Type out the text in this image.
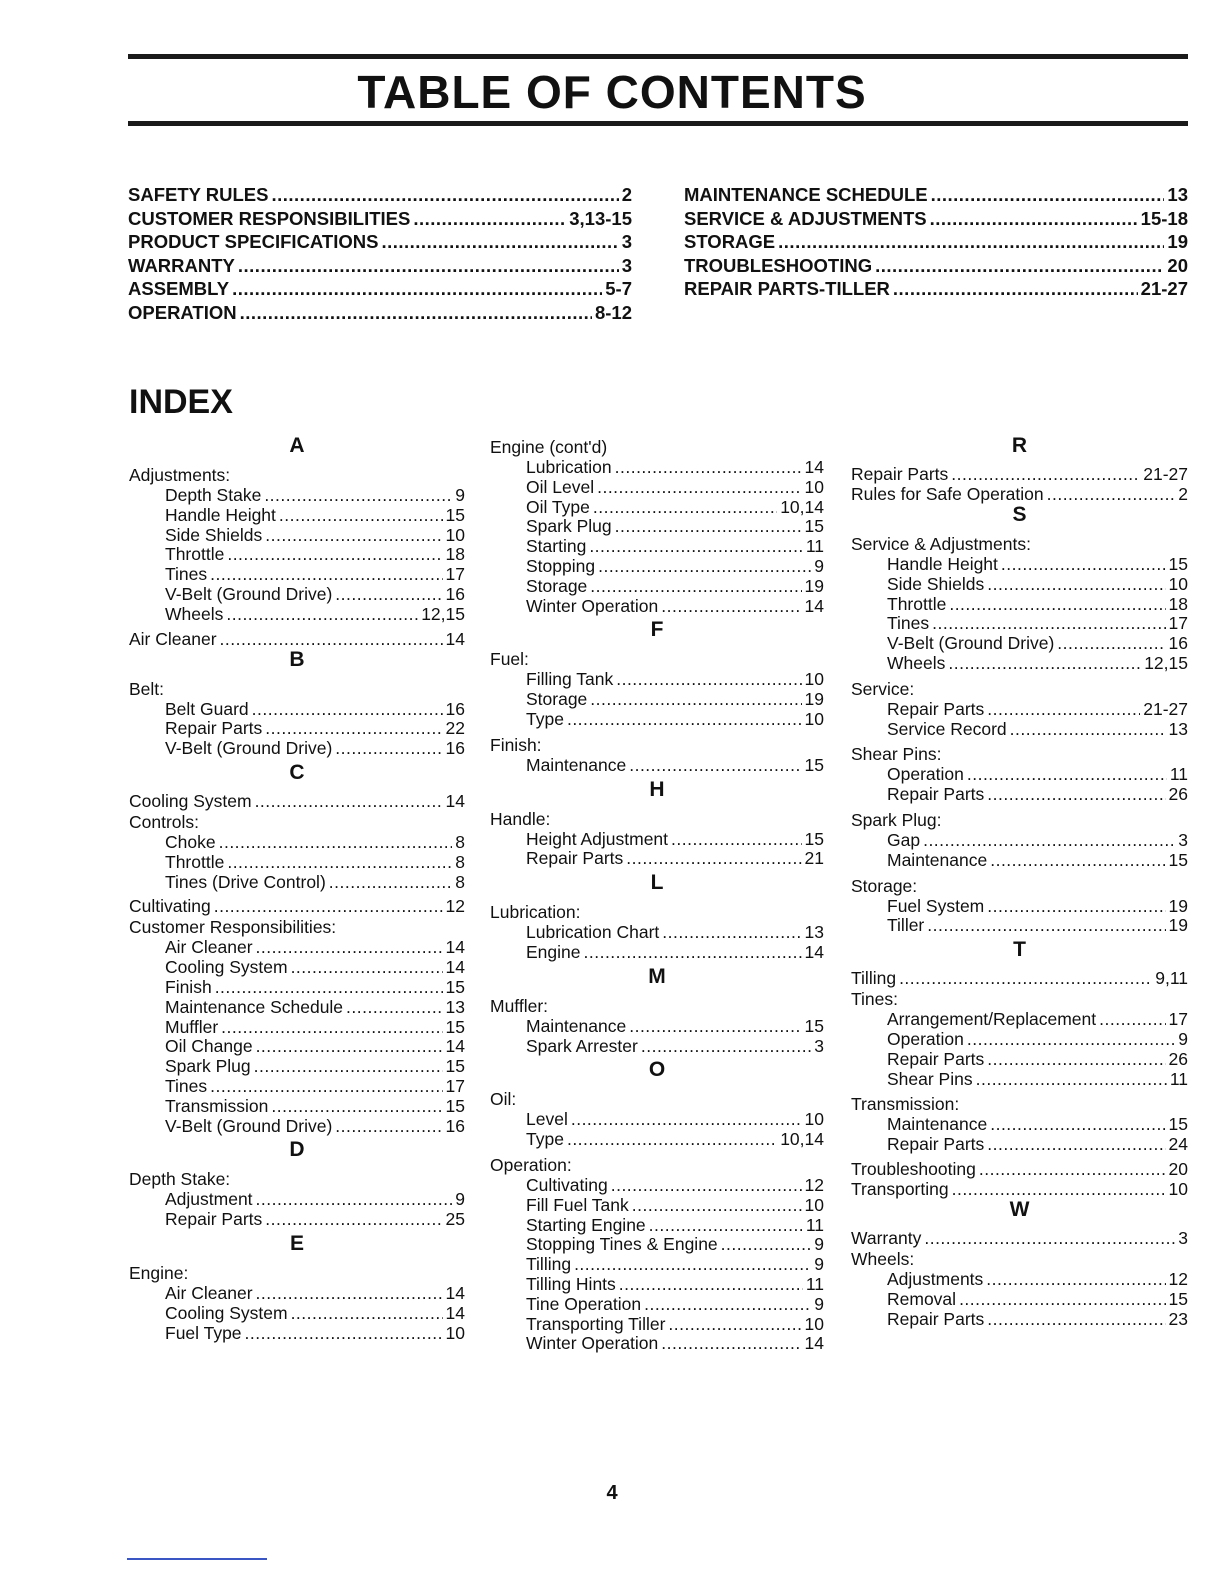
TABLE OF CONTENTS
SAFETY RULES .....	2
CUSTOMER RESPONSIBILITIES .....	3,13-15
PRODUCT SPECIFICATIONS .....	3
WARRANTY .....	3
ASSEMBLY .....	5-7
OPERATION .....	8-12
MAINTENANCE SCHEDULE .....	13
SERVICE & ADJUSTMENTS .....	15-18
STORAGE .....	19
TROUBLESHOOTING .....	20
REPAIR PARTS-TILLER .....	21-27
INDEX
A
Adjustments:
Depth Stake .....	9
Handle Height .....	15
Side Shields .....	10
Throttle .....	18
Tines .....	17
V-Belt (Ground Drive) .....	16
Wheels .....	12,15
Air Cleaner .....	14
B
Belt:
Belt Guard .....	16
Repair Parts .....	22
V-Belt (Ground Drive) .....	16
C
Cooling System .....	14
Controls:
Choke .....	8
Throttle .....	8
Tines (Drive Control) .....	8
Cultivating .....	12
Customer Responsibilities:
Air Cleaner .....	14
Cooling System .....	14
Finish .....	15
Maintenance Schedule .....	13
Muffler .....	15
Oil Change .....	14
Spark Plug .....	15
Tines .....	17
Transmission .....	15
V-Belt (Ground Drive) .....	16
D
Depth Stake:
Adjustment .....	9
Repair Parts .....	25
E
Engine:
Air Cleaner .....	14
Cooling System .....	14
Fuel Type .....	10
Engine (cont'd)
Lubrication .....	14
Oil Level .....	10
Oil Type .....	10,14
Spark Plug .....	15
Starting .....	11
Stopping .....	9
Storage .....	19
Winter Operation .....	14
F
Fuel:
Filling Tank .....	10
Storage .....	19
Type .....	10
Finish:
Maintenance .....	15
H
Handle:
Height Adjustment .....	15
Repair Parts .....	21
L
Lubrication:
Lubrication Chart .....	13
Engine .....	14
M
Muffler:
Maintenance .....	15
Spark Arrester .....	3
O
Oil:
Level .....	10
Type .....	10,14
Operation:
Cultivating .....	12
Fill Fuel Tank .....	10
Starting Engine .....	11
Stopping Tines & Engine .....	9
Tilling .....	9
Tilling Hints .....	11
Tine Operation .....	9
Transporting Tiller .....	10
Winter Operation .....	14
R
Repair Parts .....	21-27
Rules for Safe Operation .....	2
S
Service & Adjustments:
Handle Height .....	15
Side Shields .....	10
Throttle .....	18
Tines .....	17
V-Belt (Ground Drive) .....	16
Wheels .....	12,15
Service:
Repair Parts .....	21-27
Service Record .....	13
Shear Pins:
Operation .....	11
Repair Parts .....	26
Spark Plug:
Gap .....	3
Maintenance .....	15
Storage:
Fuel System .....	19
Tiller .....	19
T
Tilling .....	9,11
Tines:
Arrangement/Replacement .....	17
Operation .....	9
Repair Parts .....	26
Shear Pins .....	11
Transmission:
Maintenance .....	15
Repair Parts .....	24
Troubleshooting .....	20
Transporting .....	10
W
Warranty .....	3
Wheels:
Adjustments .....	12
Removal .....	15
Repair Parts .....	23
4
